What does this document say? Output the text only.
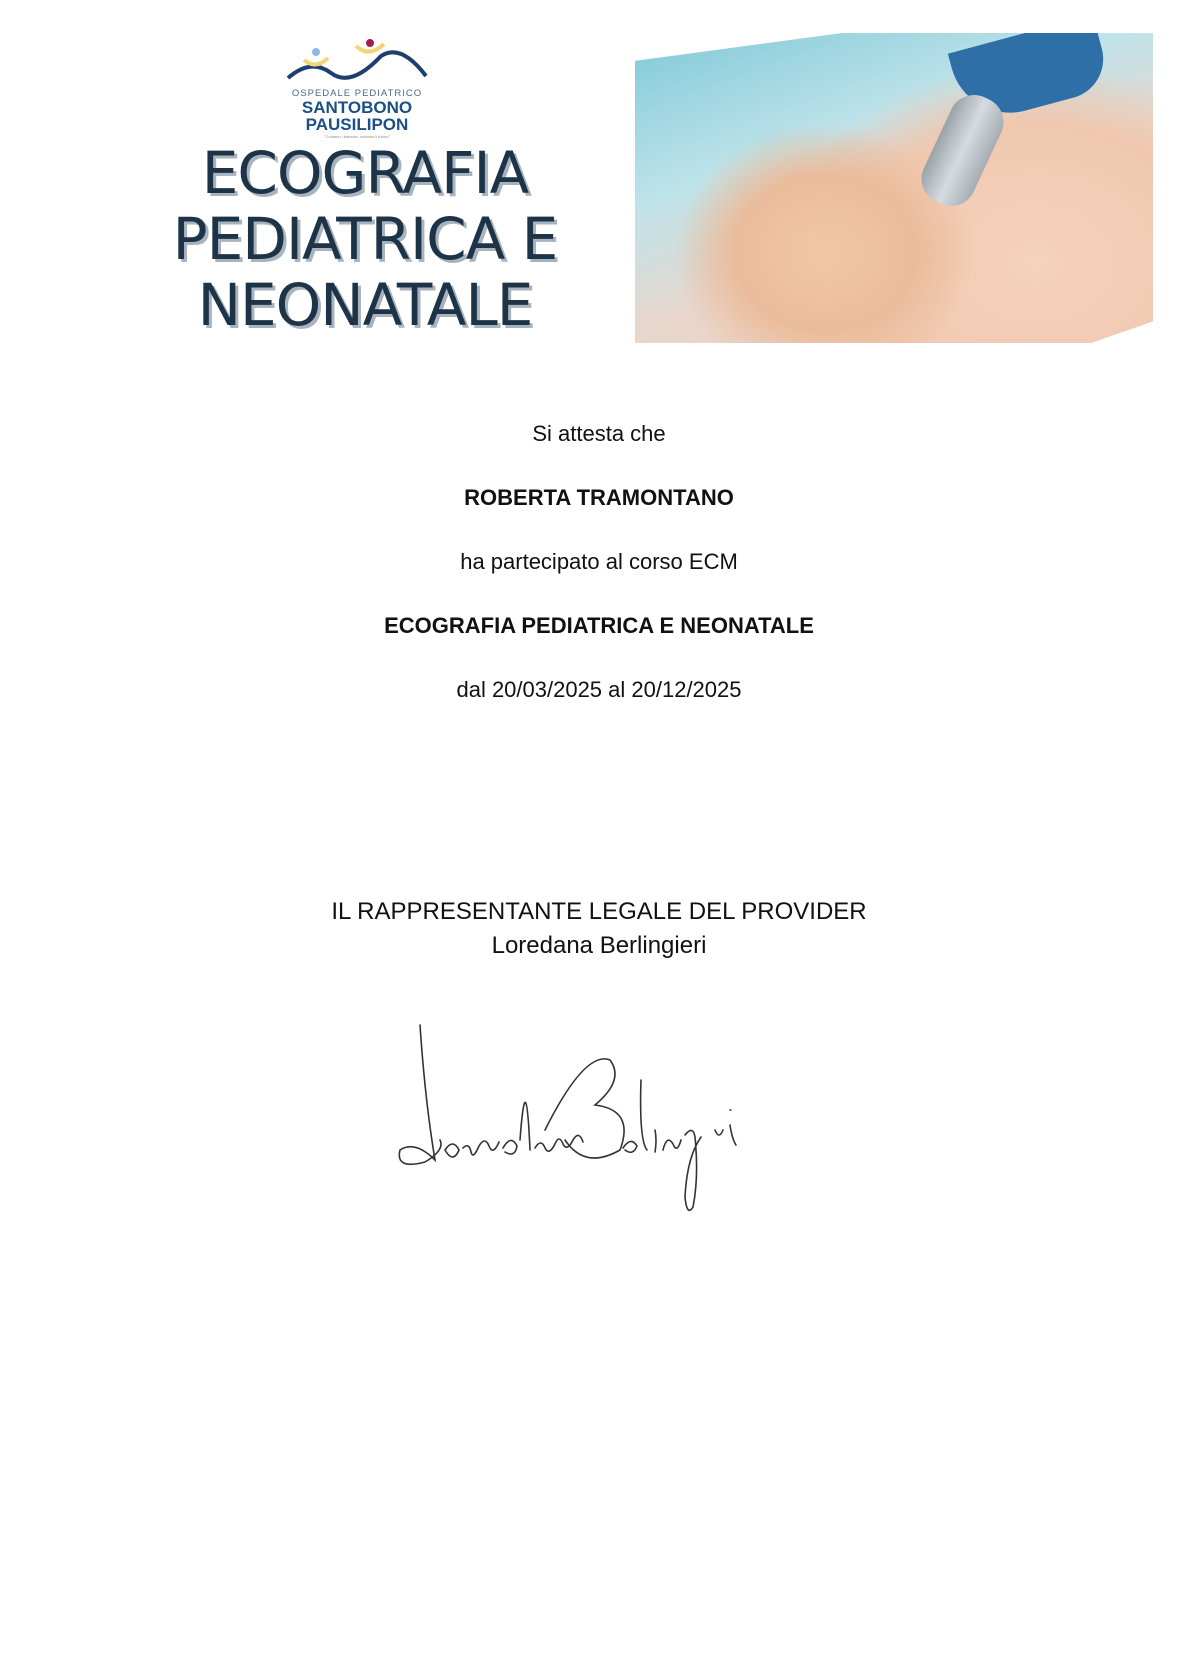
OSPEDALE PEDIATRICO
SANTOBONO
PAUSILIPON
"Curiamo i bambini, curiamo il futuro"
ECOGRAFIA
PEDIATRICA E
NEONATALE
Si attesta che
ROBERTA TRAMONTANO
ha partecipato al corso ECM
ECOGRAFIA PEDIATRICA E NEONATALE
dal 20/03/2025 al 20/12/2025
IL RAPPRESENTANTE LEGALE DEL PROVIDER
Loredana Berlingieri
